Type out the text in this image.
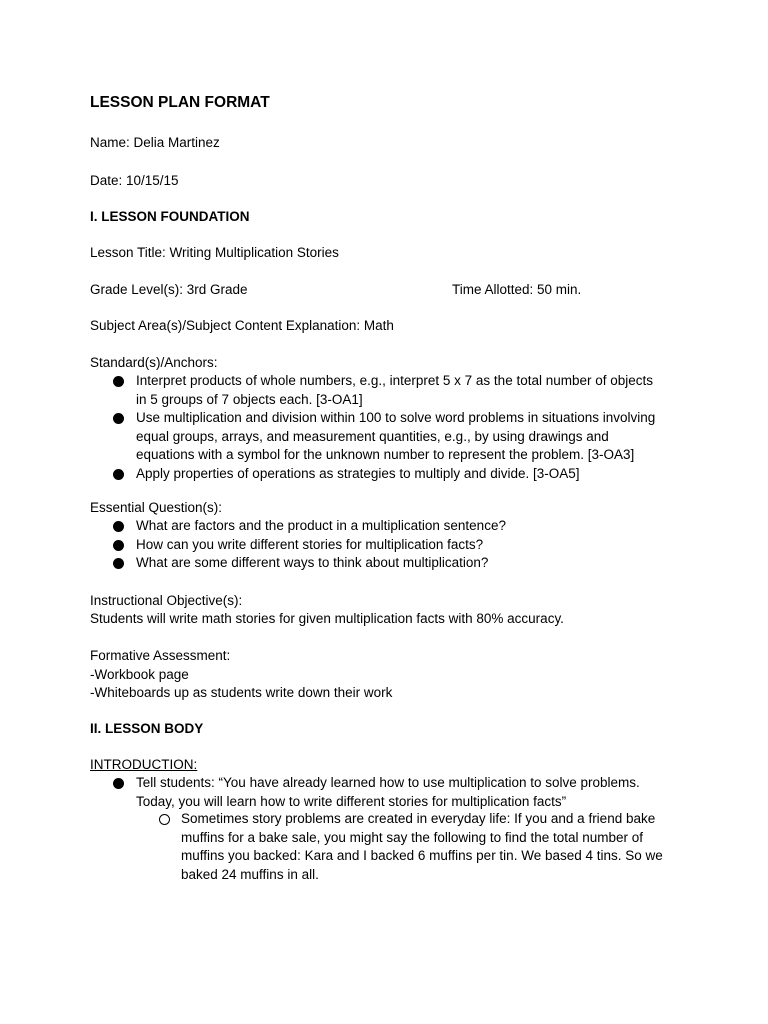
LESSON PLAN FORMAT
Name: Delia Martinez
Date: 10/15/15
I. LESSON FOUNDATION
Lesson Title: Writing Multiplication Stories
Grade Level(s): 3rd Grade	Time Allotted: 50 min.
Subject Area(s)/Subject Content Explanation: Math
Standard(s)/Anchors:
Interpret products of whole numbers, e.g., interpret 5 x 7 as the total number of objects
in 5 groups of 7 objects each. [3-OA1]
Use multiplication and division within 100 to solve word problems in situations involving
equal groups, arrays, and measurement quantities, e.g., by using drawings and
equations with a symbol for the unknown number to represent the problem. [3-OA3]
Apply properties of operations as strategies to multiply and divide. [3-OA5]
Essential Question(s):
What are factors and the product in a multiplication sentence?
How can you write different stories for multiplication facts?
What are some different ways to think about multiplication?
Instructional Objective(s):
Students will write math stories for given multiplication facts with 80% accuracy.
Formative Assessment:
-Workbook page
-Whiteboards up as students write down their work
II. LESSON BODY
INTRODUCTION:
Tell students: “You have already learned how to use multiplication to solve problems.
Today, you will learn how to write different stories for multiplication facts”
Sometimes story problems are created in everyday life: If you and a friend bake
muffins for a bake sale, you might say the following to find the total number of
muffins you backed: Kara and I backed 6 muffins per tin. We based 4 tins. So we
baked 24 muffins in all.
